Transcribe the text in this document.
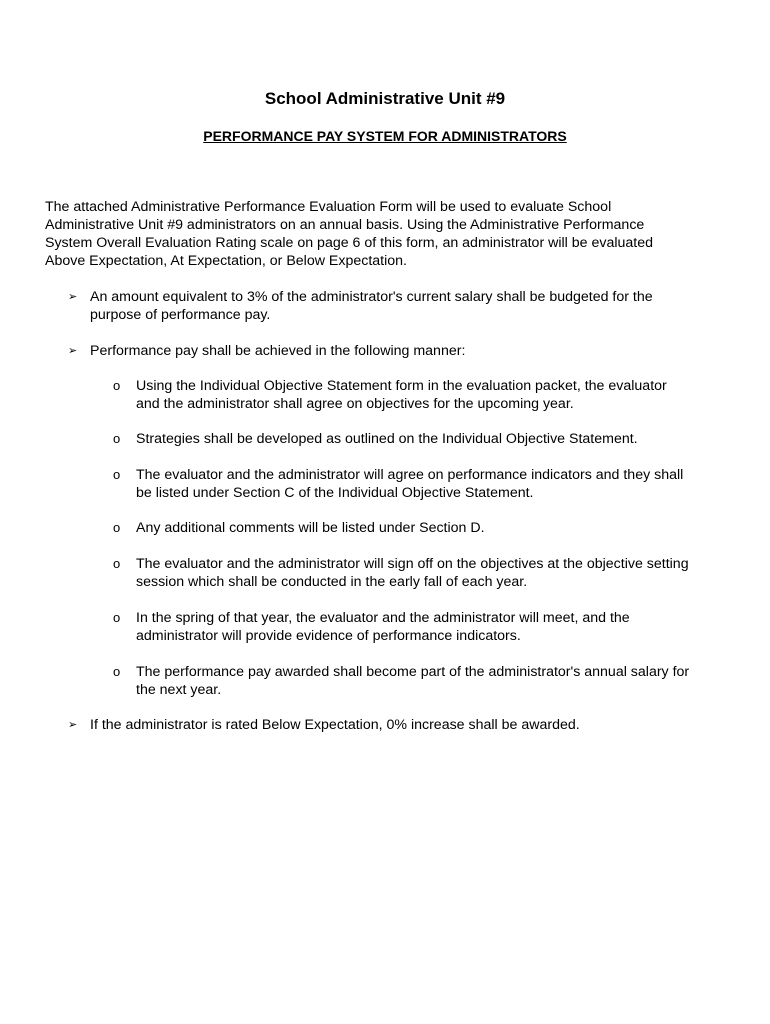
School Administrative Unit #9
PERFORMANCE PAY SYSTEM FOR ADMINISTRATORS
The attached Administrative Performance Evaluation Form will be used to evaluate School
Administrative Unit #9 administrators on an annual basis. Using the Administrative Performance
System Overall Evaluation Rating scale on page 6 of this form, an administrator will be evaluated
Above Expectation, At Expectation, or Below Expectation.
➢ An amount equivalent to 3% of the administrator's current salary shall be budgeted for the
purpose of performance pay.
➢ Performance pay shall be achieved in the following manner:
o Using the Individual Objective Statement form in the evaluation packet, the evaluator
and the administrator shall agree on objectives for the upcoming year.
o Strategies shall be developed as outlined on the Individual Objective Statement.
o The evaluator and the administrator will agree on performance indicators and they shall
be listed under Section C of the Individual Objective Statement.
o Any additional comments will be listed under Section D.
o The evaluator and the administrator will sign off on the objectives at the objective setting
session which shall be conducted in the early fall of each year.
o In the spring of that year, the evaluator and the administrator will meet, and the
administrator will provide evidence of performance indicators.
o The performance pay awarded shall become part of the administrator's annual salary for
the next year.
➢ If the administrator is rated Below Expectation, 0% increase shall be awarded.
